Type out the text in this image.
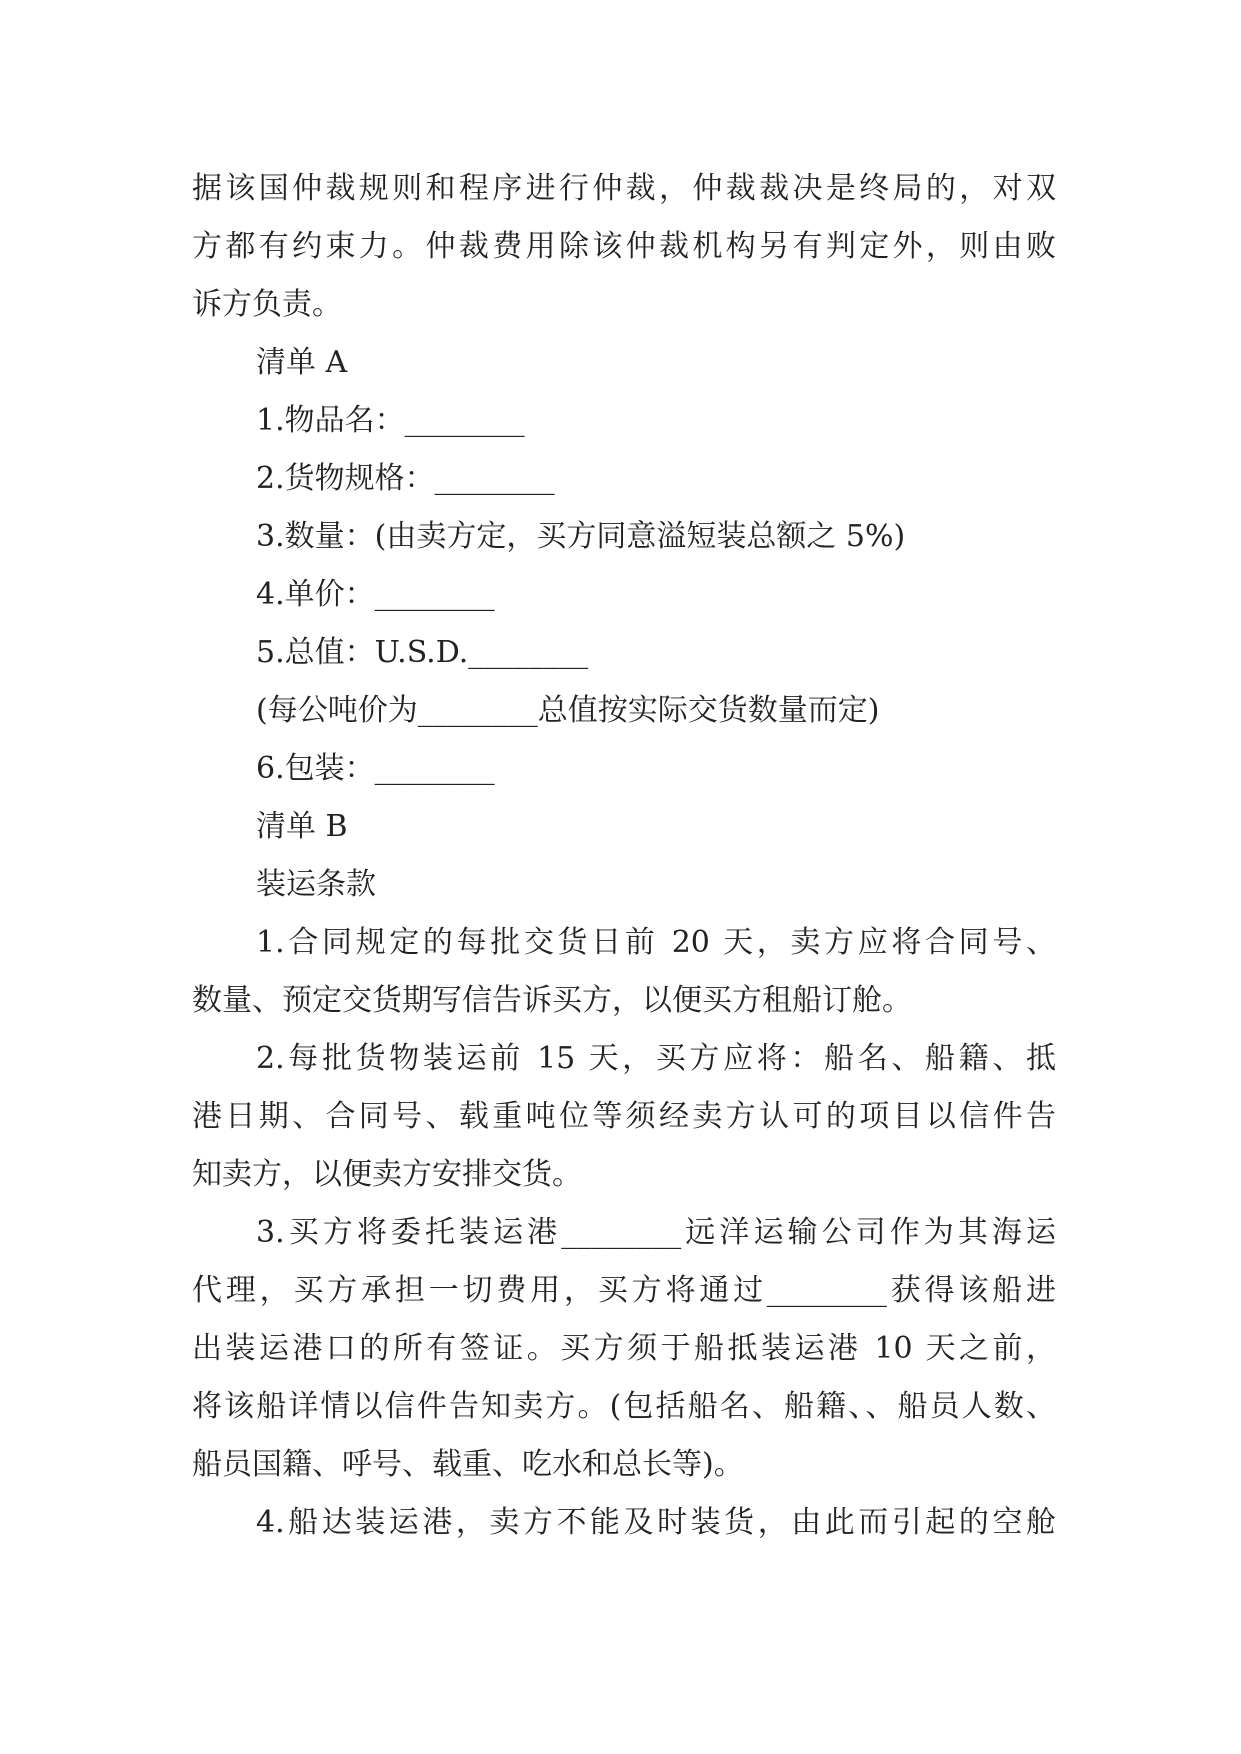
据该国仲裁规则和程序进行仲裁，仲裁裁决是终局的，对双

方都有约束力。仲裁费用除该仲裁机构另有判定外，则由败

诉方负责。

清单 A

1.物品名：________

2.货物规格：________

3.数量：(由卖方定，买方同意溢短装总额之 5%)

4.单价：________

5.总值：U.S.D.________

(每公吨价为________总值按实际交货数量而定)

6.包装：________

清单 B

装运条款

1.合同规定的每批交货日前 20 天，卖方应将合同号、

数量、预定交货期写信告诉买方，以便买方租船订舱。

2.每批货物装运前 15 天，买方应将：船名、船籍、抵

港日期、合同号、载重吨位等须经卖方认可的项目以信件告

知卖方，以便卖方安排交货。

3.买方将委托装运港________远洋运输公司作为其海运

代理，买方承担一切费用，买方将通过________获得该船进

出装运港口的所有签证。买方须于船抵装运港 10 天之前，

将该船详情以信件告知卖方。(包括船名、船籍、、船员人数、

船员国籍、呼号、载重、吃水和总长等)。

4.船达装运港，卖方不能及时装货，由此而引起的空舱
